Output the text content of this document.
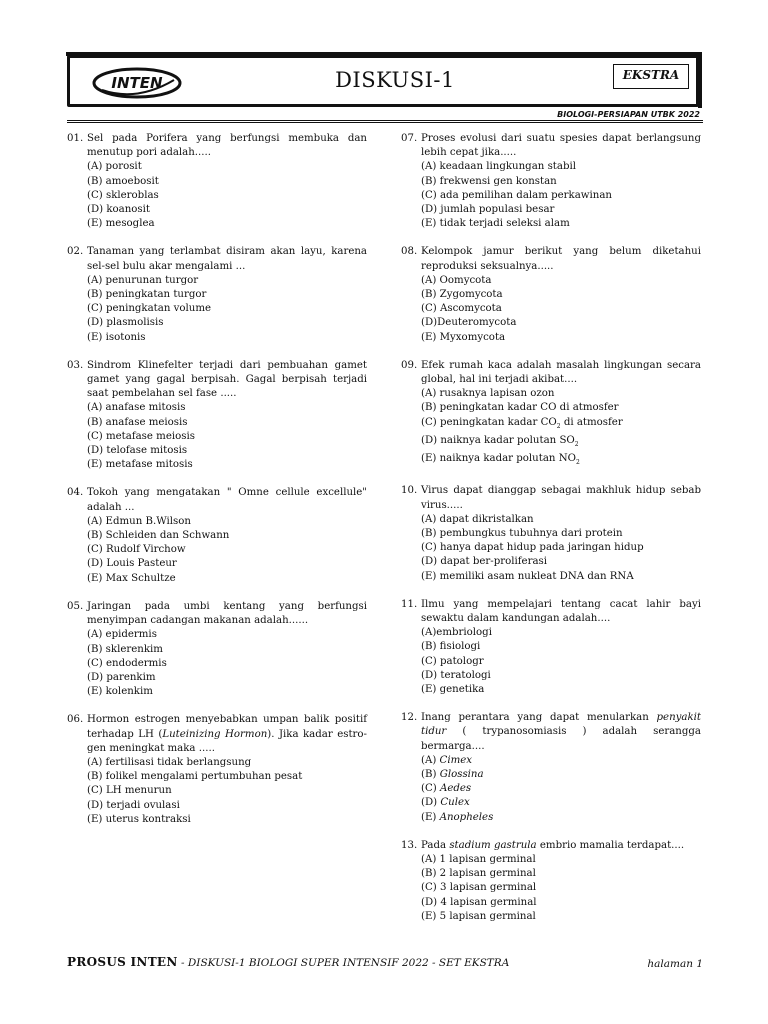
INTEN	DISKUSI-1	EKSTRA
BIOLOGI-PERSIAPAN UTBK 2022
01. Sel pada Porifera yang berfungsi membuka dan menutup pori adalah.....
(A) porosit
(B) amoebosit
(C) skleroblas
(D) koanosit
(E) mesoglea
02. Tanaman yang terlambat disiram akan layu, karena sel-sel bulu akar mengalami ...
(A) penurunan turgor
(B) peningkatan turgor
(C) peningkatan volume
(D) plasmolisis
(E) isotonis
03. Sindrom Klinefelter terjadi dari pembuahan gamet gamet yang gagal berpisah. Gagal berpisah terjadi saat pembelahan sel fase .....
(A) anafase mitosis
(B) anafase meiosis
(C) metafase meiosis
(D) telofase mitosis
(E) metafase mitosis
04. Tokoh yang mengatakan " Omne cellule excellule" adalah ...
(A) Edmun B.Wilson
(B) Schleiden dan Schwann
(C) Rudolf Virchow
(D) Louis Pasteur
(E) Max Schultze
05. Jaringan pada umbi kentang yang berfungsi menyimpan cadangan makanan adalah......
(A) epidermis
(B) sklerenkim
(C) endodermis
(D) parenkim
(E) kolenkim
06. Hormon estrogen menyebabkan umpan balik positif terhadap LH (Luteinizing Hormon). Jika kadar estro-gen meningkat maka .....
(A) fertilisasi tidak berlangsung
(B) folikel mengalami pertumbuhan pesat
(C) LH menurun
(D) terjadi ovulasi
(E) uterus kontraksi
07. Proses evolusi dari suatu spesies dapat berlangsung lebih cepat jika.....
(A) keadaan lingkungan stabil
(B) frekwensi gen konstan
(C) ada pemilihan dalam perkawinan
(D) jumlah populasi besar
(E) tidak terjadi seleksi alam
08. Kelompok jamur berikut yang belum diketahui reproduksi seksualnya.....
(A) Oomycota
(B) Zygomycota
(C) Ascomycota
(D)Deuteromycota
(E) Myxomycota
09. Efek rumah kaca adalah masalah lingkungan secara global, hal ini terjadi akibat....
(A) rusaknya lapisan ozon
(B) peningkatan kadar CO di atmosfer
(C) peningkatan kadar $CO_2$ di atmosfer
(D) naiknya kadar polutan $SO_2$
(E) naiknya kadar polutan $NO_2$
10. Virus dapat dianggap sebagai makhluk hidup sebab virus.....
(A) dapat dikristalkan
(B) pembungkus tubuhnya dari protein
(C) hanya dapat hidup pada jaringan hidup
(D) dapat ber-proliferasi
(E) memiliki asam nukleat DNA dan RNA
11. Ilmu yang mempelajari tentang cacat lahir bayi sewaktu dalam kandungan adalah....
(A)embriologi
(B) fisiologi
(C) patologr
(D) teratologi
(E) genetika
12. Inang perantara yang dapat menularkan penyakit tidur ( trypanosomiasis ) adalah serangga bermarga....
(A) Cimex
(B) Glossina
(C) Aedes
(D) Culex
(E) Anopheles
13. Pada stadium gastrula embrio mamalia terdapat....
(A) 1 lapisan germinal
(B) 2 lapisan germinal
(C) 3 lapisan germinal
(D) 4 lapisan germinal
(E) 5 lapisan germinal
PROSUS INTEN - DISKUSI-1 BIOLOGI SUPER INTENSIF 2022 - SET EKSTRA	halaman 1
